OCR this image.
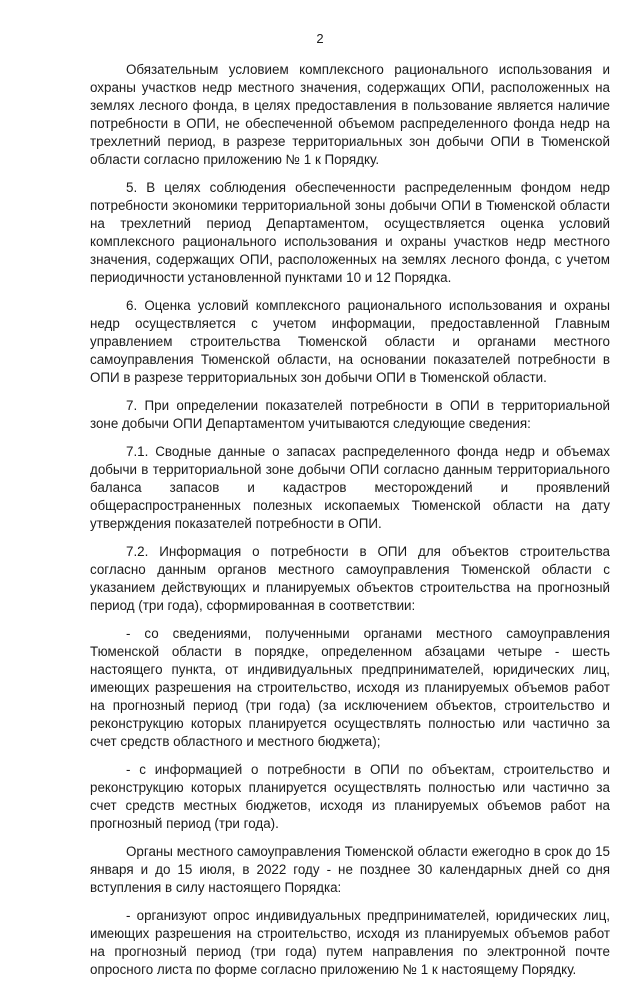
2

Обязательным условием комплексного рационального использования и охраны участков недр местного значения, содержащих ОПИ, расположенных на землях лесного фонда, в целях предоставления в пользование является наличие потребности в ОПИ, не обеспеченной объемом распределенного фонда недр на трехлетний период, в разрезе территориальных зон добычи ОПИ в Тюменской области согласно приложению № 1 к Порядку.

5. В целях соблюдения обеспеченности распределенным фондом недр потребности экономики территориальной зоны добычи ОПИ в Тюменской области на трехлетний период Департаментом, осуществляется оценка условий комплексного рационального использования и охраны участков недр местного значения, содержащих ОПИ, расположенных на землях лесного фонда, с учетом периодичности установленной пунктами 10 и 12 Порядка.

6. Оценка условий комплексного рационального использования и охраны недр осуществляется с учетом информации, предоставленной Главным управлением строительства Тюменской области и органами местного самоуправления Тюменской области, на основании показателей потребности в ОПИ в разрезе территориальных зон добычи ОПИ в Тюменской области.

7. При определении показателей потребности в ОПИ в территориальной зоне добычи ОПИ Департаментом учитываются следующие сведения:

7.1. Сводные данные о запасах распределенного фонда недр и объемах добычи в территориальной зоне добычи ОПИ согласно данным территориального баланса запасов и кадастров месторождений и проявлений общераспространенных полезных ископаемых Тюменской области на дату утверждения показателей потребности в ОПИ.

7.2. Информация о потребности в ОПИ для объектов строительства согласно данным органов местного самоуправления Тюменской области с указанием действующих и планируемых объектов строительства на прогнозный период (три года), сформированная в соответствии:

- со сведениями, полученными органами местного самоуправления Тюменской области в порядке, определенном абзацами четыре - шесть настоящего пункта, от индивидуальных предпринимателей, юридических лиц, имеющих разрешения на строительство, исходя из планируемых объемов работ на прогнозный период (три года) (за исключением объектов, строительство и реконструкцию которых планируется осуществлять полностью или частично за счет средств областного и местного бюджета);

- с информацией о потребности в ОПИ по объектам, строительство и реконструкцию которых планируется осуществлять полностью или частично за счет средств местных бюджетов, исходя из планируемых объемов работ на прогнозный период (три года).

Органы местного самоуправления Тюменской области ежегодно в срок до 15 января и до 15 июля, в 2022 году - не позднее 30 календарных дней со дня вступления в силу настоящего Порядка:

- организуют опрос индивидуальных предпринимателей, юридических лиц, имеющих разрешения на строительство, исходя из планируемых объемов работ на прогнозный период (три года) путем направления по электронной почте опросного листа по форме согласно приложению № 1 к настоящему Порядку.
